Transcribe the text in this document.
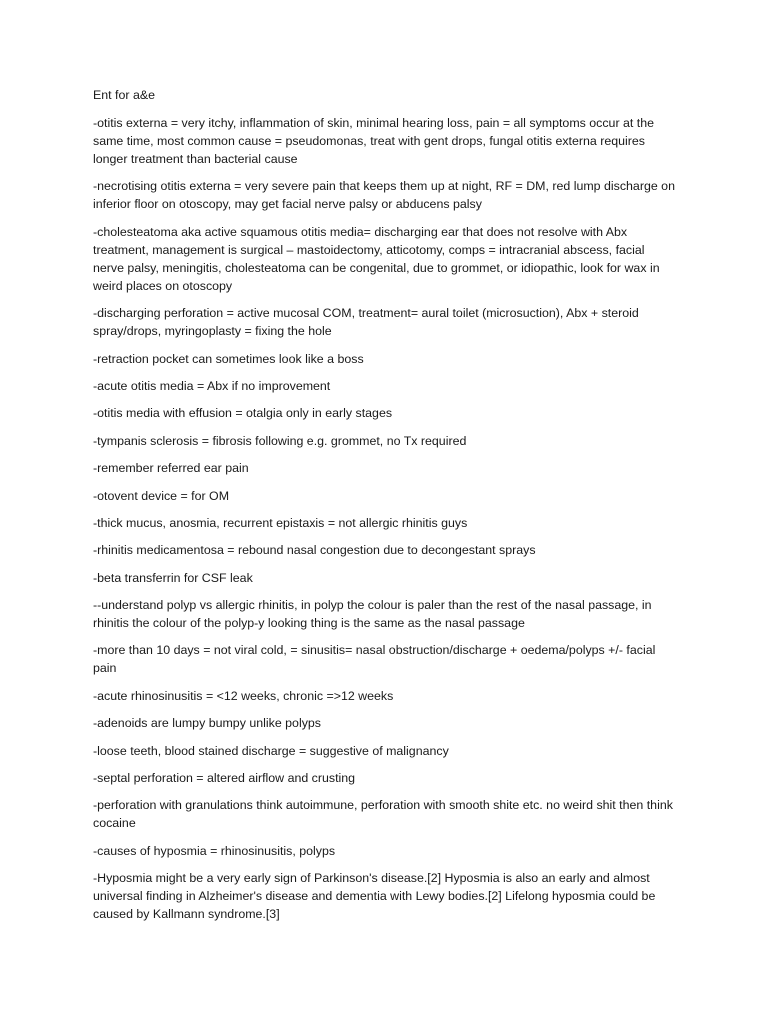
Ent for a&e

-otitis externa = very itchy, inflammation of skin, minimal hearing loss, pain = all symptoms occur at the same time, most common cause = pseudomonas, treat with gent drops, fungal otitis externa requires longer treatment than bacterial cause

-necrotising otitis externa = very severe pain that keeps them up at night, RF = DM, red lump discharge on inferior floor on otoscopy, may get facial nerve palsy or abducens palsy

-cholesteatoma aka active squamous otitis media= discharging ear that does not resolve with Abx treatment, management is surgical – mastoidectomy, atticotomy, comps = intracranial abscess, facial nerve palsy, meningitis, cholesteatoma can be congenital, due to grommet, or idiopathic, look for wax in weird places on otoscopy

-discharging perforation = active mucosal COM, treatment= aural toilet (microsuction), Abx + steroid spray/drops, myringoplasty = fixing the hole

-retraction pocket can sometimes look like a boss

-acute otitis media = Abx if no improvement

-otitis media with effusion = otalgia only in early stages

-tympanis sclerosis = fibrosis following e.g. grommet, no Tx required

-remember referred ear pain

-otovent device = for OM

-thick mucus, anosmia, recurrent epistaxis = not allergic rhinitis guys

-rhinitis medicamentosa = rebound nasal congestion due to decongestant sprays

-beta transferrin for CSF leak

--understand polyp vs allergic rhinitis, in polyp the colour is paler than the rest of the nasal passage, in rhinitis the colour of the polyp-y looking thing is the same as the nasal passage

-more than 10 days = not viral cold, = sinusitis= nasal obstruction/discharge + oedema/polyps +/- facial pain

-acute rhinosinusitis = <12 weeks, chronic =>12 weeks

-adenoids are lumpy bumpy unlike polyps

-loose teeth, blood stained discharge = suggestive of malignancy

-septal perforation = altered airflow and crusting

-perforation with granulations think autoimmune, perforation with smooth shite etc. no weird shit then think cocaine

-causes of hyposmia = rhinosinusitis, polyps

-Hyposmia might be a very early sign of Parkinson's disease.[2] Hyposmia is also an early and almost universal finding in Alzheimer's disease and dementia with Lewy bodies.[2] Lifelong hyposmia could be caused by Kallmann syndrome.[3]
